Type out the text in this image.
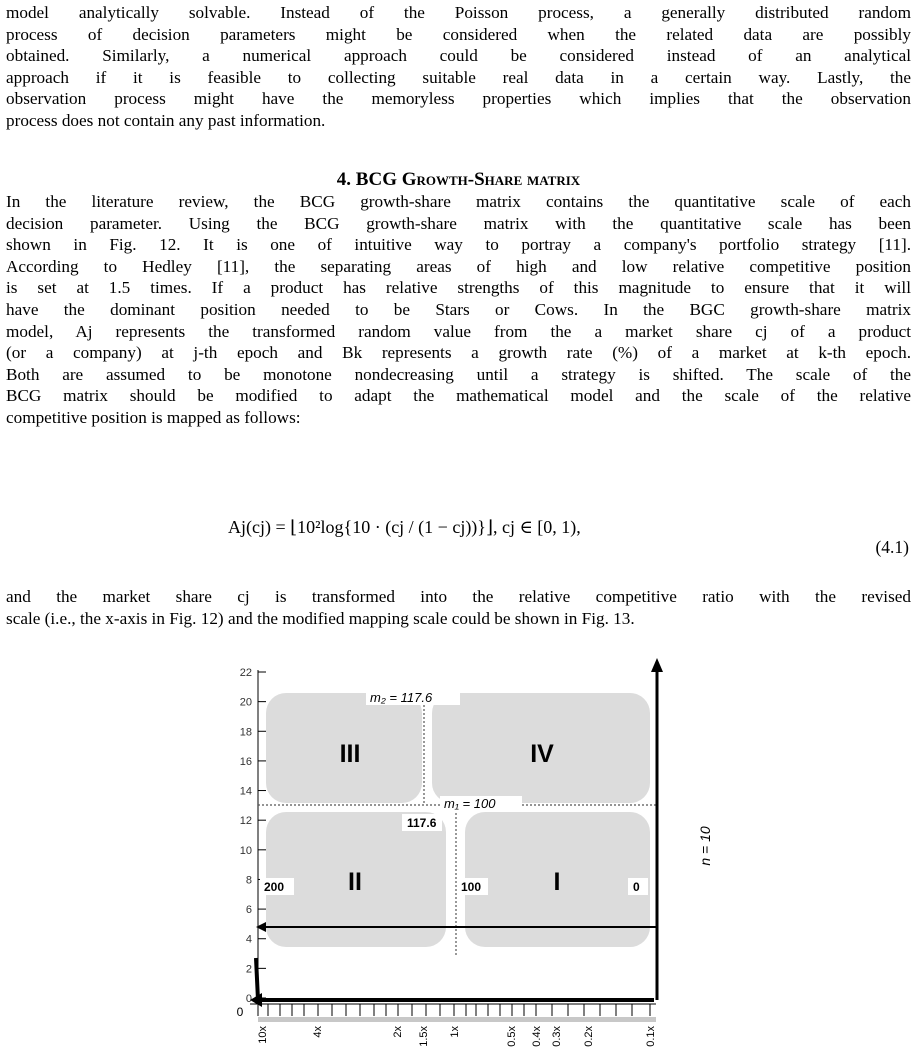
model analytically solvable. Instead of the Poisson process, a generally distributed random
process of decision parameters might be considered when the related data are possibly
obtained. Similarly, a numerical approach could be considered instead of an analytical
approach if it is feasible to collecting suitable real data in a certain way. Lastly, the
observation process might have the memoryless properties which implies that the observation
process does not contain any past information.
4. BCG Growth-Share matrix
In the literature review, the BCG growth-share matrix contains the quantitative scale of each
decision parameter. Using the BCG growth-share matrix with the quantitative scale has been
shown in Fig. 12. It is one of intuitive way to portray a company's portfolio strategy [11].
According to Hedley [11], the separating areas of high and low relative competitive position
is set at 1.5 times. If a product has relative strengths of this magnitude to ensure that it will
have the dominant position needed to be Stars or Cows. In the BGC growth-share matrix
model, Aj represents the transformed random value from the a market share cj of a product
(or a company) at j-th epoch and Bk represents a growth rate (%) of a market at k-th epoch.
Both are assumed to be monotone nondecreasing until a strategy is shifted. The scale of the
BCG matrix should be modified to adapt the mathematical model and the scale of the relative
competitive position is mapped as follows:
Aj(cj) = ⌊10²log{10 · (cj / (1 − cj))}⌋, cj ∈ [0, 1),
(4.1)
and the market share cj is transformed into the relative competitive ratio with the revised
scale (i.e., the x-axis in Fig. 12) and the modified mapping scale could be shown in Fig. 13.
0
2
4
6
8
10
12
14
16
18
20
22
III	IV
II	I
m₂ = 117.6
m₁ = 100
117.6
200	100	0
n = 10
0
10x	4x	2x 1.5x 1x	0.5x 0.4x 0.3x 0.2x	0.1x
